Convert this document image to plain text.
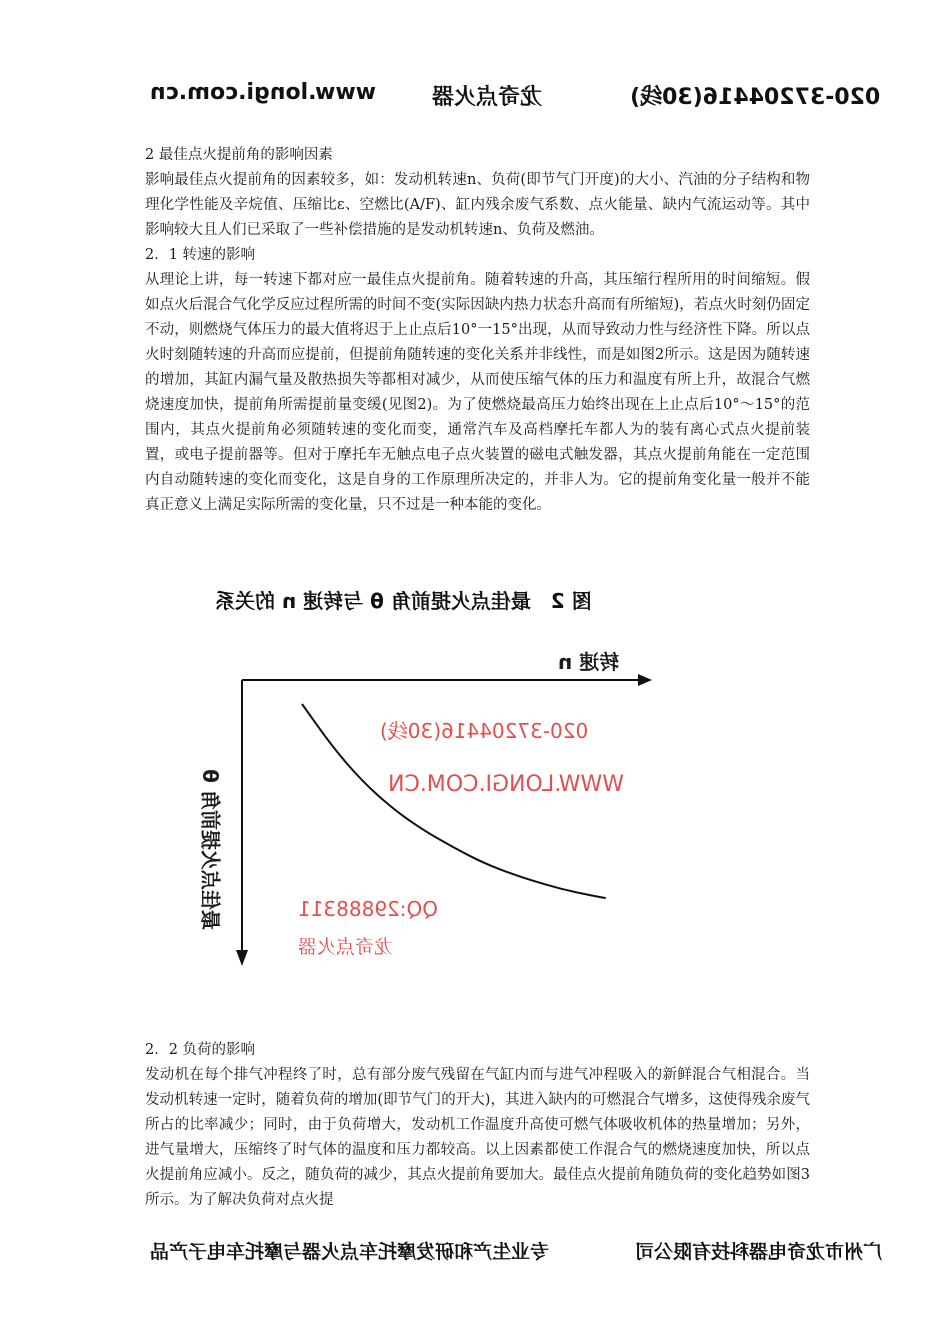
www.longi.com.cn	龙奇点火器	020-37204416(30线)

2 最佳点火提前角的影响因素

影响最佳点火提前角的因素较多，如：发动机转速n、负荷(即节气门开度)的大小、汽油的分子结构和物理化学性能及辛烷值、压缩比ε、空燃比(A/F)、缸内残余废气系数、点火能量、缺内气流运动等。其中影响较大且人们已采取了一些补偿措施的是发动机转速n、负荷及燃油。

2．1 转速的影响

从理论上讲，每一转速下都对应一最佳点火提前角。随着转速的升高，其压缩行程所用的时间缩短。假如点火后混合气化学反应过程所需的时间不变(实际因缺内热力状态升高而有所缩短)，若点火时刻仍固定不动，则燃烧气体压力的最大值将迟于上止点后10°一15°出现，从而导致动力性与经济性下降。所以点火时刻随转速的升高而应提前，但提前角随转速的变化关系并非线性，而是如图2所示。这是因为随转速的增加，其缸内漏气量及散热损失等都相对减少，从而使压缩气体的压力和温度有所上升，故混合气燃烧速度加快，提前角所需提前量变缓(见图2)。为了使燃烧最高压力始终出现在上止点后10°～15°的范围内，其点火提前角必须随转速的变化而变，通常汽车及高档摩托车都人为的装有离心式点火提前装置，或电子提前器等。但对于摩托车无触点电子点火装置的磁电式触发器，其点火提前角能在一定范围内自动随转速的变化而变化，这是自身的工作原理所决定的，并非人为。它的提前角变化量一般并不能真正意义上满足实际所需的变化量，只不过是一种本能的变化。

图 2　最佳点火提前角 θ 与转速 n 的关系
转速 n
最佳点火提前角 θ
020-37204416(30线)
WWW.LONGI.COM.CN
QQ:29888311
龙奇点火器

2．2 负荷的影响

发动机在每个排气冲程终了时，总有部分废气残留在气缸内而与进气冲程吸入的新鲜混合气相混合。当发动机转速一定时，随着负荷的增加(即节气门的开大)，其进入缺内的可燃混合气增多，这使得残余废气所占的比率减少；同时，由于负荷增大，发动机工作温度升高使可燃气体吸收机体的热量增加；另外，进气量增大，压缩终了时气体的温度和压力都较高。以上因素都使工作混合气的燃烧速度加快，所以点火提前角应减小。反之，随负荷的减少，其点火提前角要加大。最佳点火提前角随负荷的变化趋势如图3所示。为了解决负荷对点火提

专业生产和研发摩托车点火器与摩托车电子产品	广州市龙奇电器科技有限公司
